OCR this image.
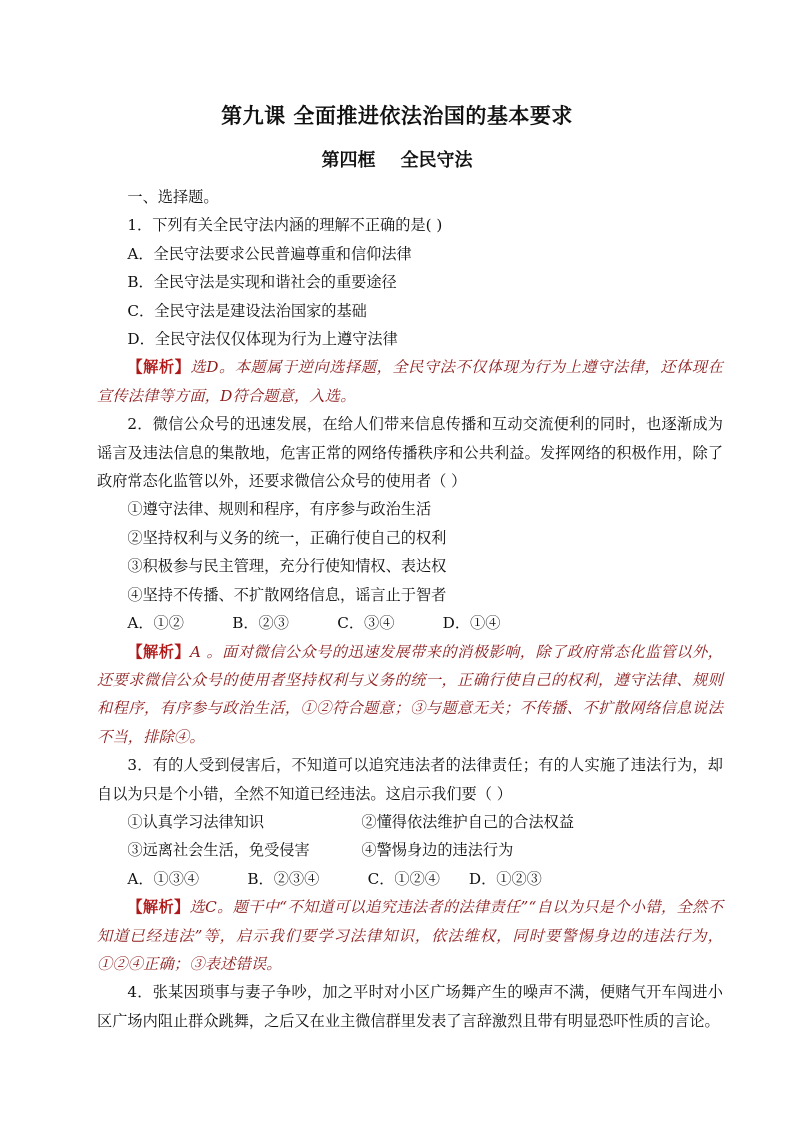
第九课 全面推进依法治国的基本要求
第四框    全民守法

一、选择题。

1．下列有关全民守法内涵的理解不正确的是( )

A．全民守法要求公民普遍尊重和信仰法律

B．全民守法是实现和谐社会的重要途径

C．全民守法是建设法治国家的基础

D．全民守法仅仅体现为行为上遵守法律

【解析】选D。本题属于逆向选择题，全民守法不仅体现为行为上遵守法律，还体现在宣传法律等方面，D符合题意，入选。

2．微信公众号的迅速发展，在给人们带来信息传播和互动交流便利的同时，也逐渐成为谣言及违法信息的集散地，危害正常的网络传播秩序和公共利益。发挥网络的积极作用，除了政府常态化监管以外，还要求微信公众号的使用者（ ）

①遵守法律、规则和程序，有序参与政治生活

②坚持权利与义务的统一，正确行使自己的权利

③积极参与民主管理，充分行使知情权、表达权

④坚持不传播、不扩散网络信息，谣言止于智者

A．①②          B．②③          C．③④          D．①④

【解析】A 。面对微信公众号的迅速发展带来的消极影响，除了政府常态化监管以外，还要求微信公众号的使用者坚持权利与义务的统一，正确行使自己的权利，遵守法律、规则和程序，有序参与政治生活，①②符合题意；③与题意无关；不传播、不扩散网络信息说法不当，排除④。

3．有的人受到侵害后，不知道可以追究违法者的法律责任；有的人实施了违法行为，却自以为只是个小错，全然不知道已经违法。这启示我们要（ ）

①认真学习法律知识	②懂得依法维护自己的合法权益
③远离社会生活，免受侵害	④警惕身边的违法行为

A．①③④          B．②③④          C．①②④      D．①②③

【解析】选C。题干中“不知道可以追究违法者的法律责任”“自以为只是个小错，全然不知道已经违法”等，启示我们要学习法律知识，依法维权，同时要警惕身边的违法行为，①②④正确；③表述错误。

4．张某因琐事与妻子争吵，加之平时对小区广场舞产生的噪声不满，便赌气开车闯进小区广场内阻止群众跳舞，之后又在业主微信群里发表了言辞激烈且带有明显恐吓性质的言论。
